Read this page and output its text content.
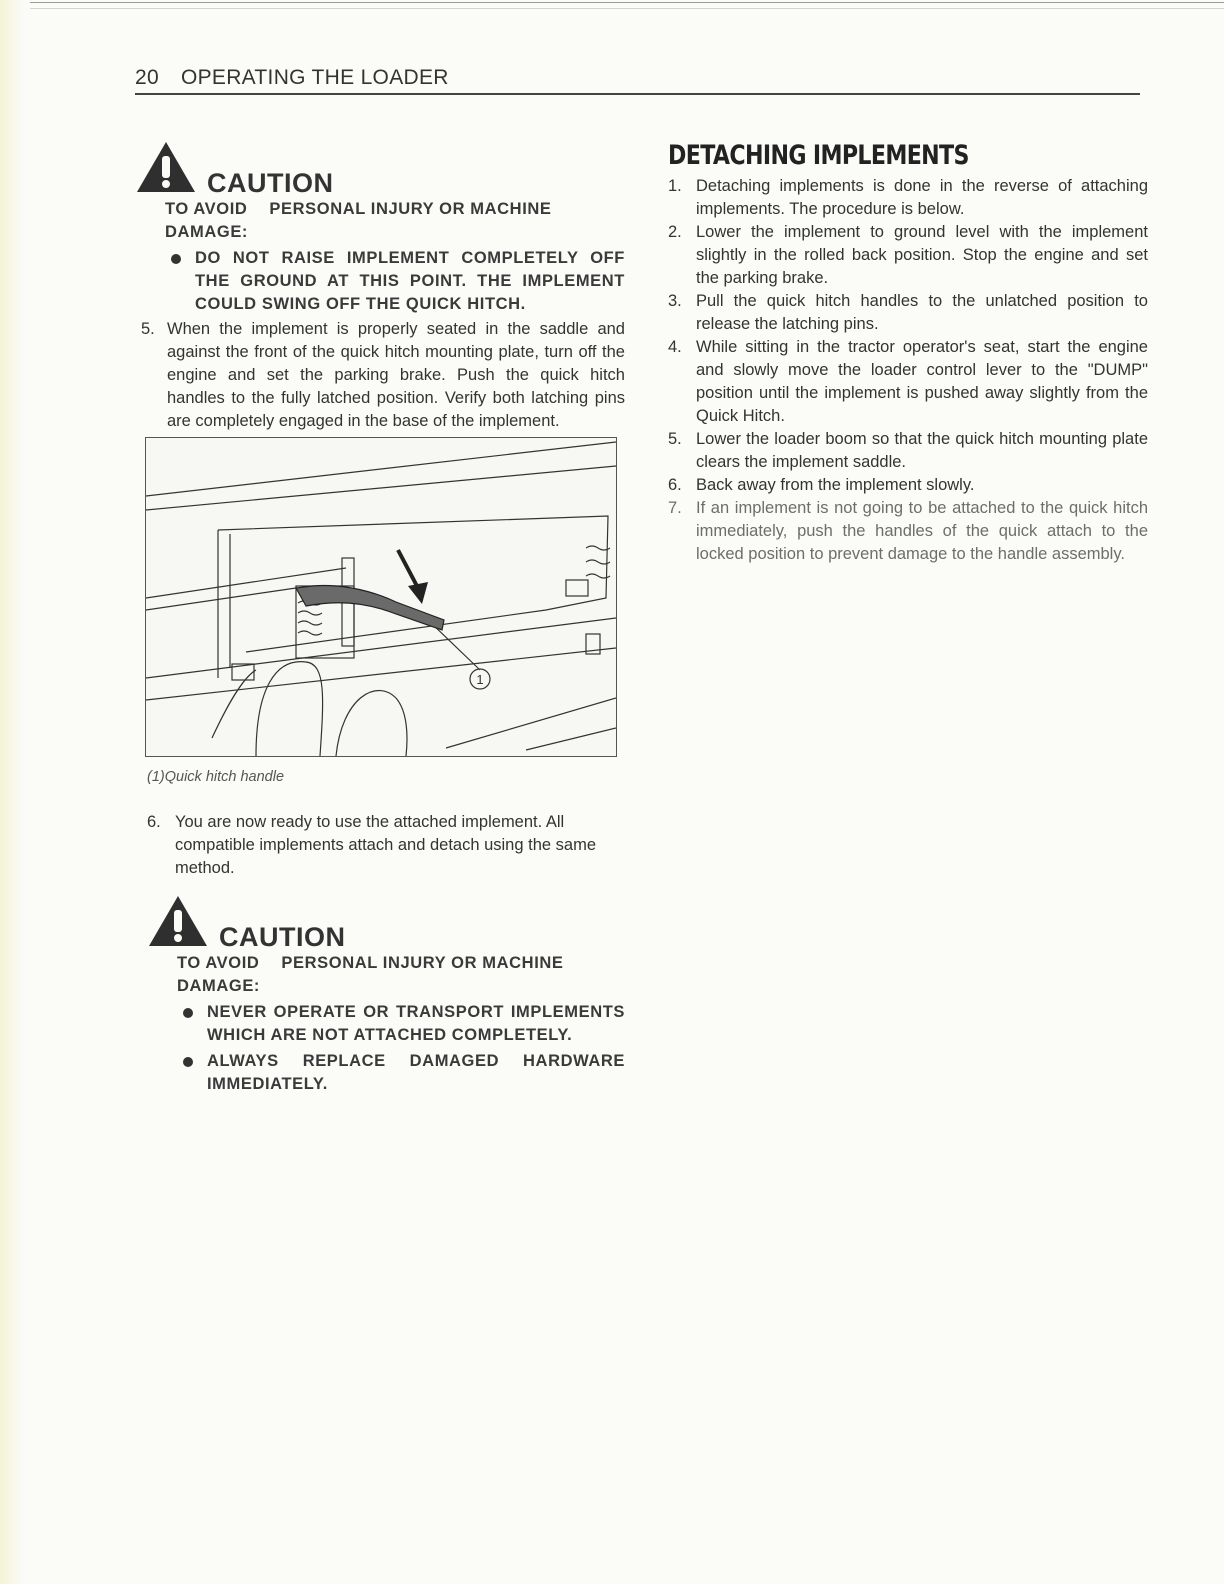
20 OPERATING THE LOADER
CAUTION
TO AVOID PERSONAL INJURY OR MACHINE DAMAGE:
DO NOT RAISE IMPLEMENT COMPLETELY OFF THE GROUND AT THIS POINT. THE IMPLEMENT COULD SWING OFF THE QUICK HITCH.
5. When the implement is properly seated in the saddle and against the front of the quick hitch mounting plate, turn off the engine and set the parking brake. Push the quick hitch handles to the fully latched position. Verify both latching pins are completely engaged in the base of the implement.
1
(1)Quick hitch handle
6. You are now ready to use the attached implement. All compatible implements attach and detach using the same method.
CAUTION
TO AVOID PERSONAL INJURY OR MACHINE DAMAGE:
NEVER OPERATE OR TRANSPORT IMPLEMENTS WHICH ARE NOT ATTACHED COMPLETELY.
ALWAYS REPLACE DAMAGED HARDWARE IMMEDIATELY.
DETACHING IMPLEMENTS
1. Detaching implements is done in the reverse of attaching implements. The procedure is below.
2. Lower the implement to ground level with the implement slightly in the rolled back position. Stop the engine and set the parking brake.
3. Pull the quick hitch handles to the unlatched position to release the latching pins.
4. While sitting in the tractor operator's seat, start the engine and slowly move the loader control lever to the "DUMP" position until the implement is pushed away slightly from the Quick Hitch.
5. Lower the loader boom so that the quick hitch mounting plate clears the implement saddle.
6. Back away from the implement slowly.
7. If an implement is not going to be attached to the quick hitch immediately, push the handles of the quick attach to the locked position to prevent damage to the handle assembly.
